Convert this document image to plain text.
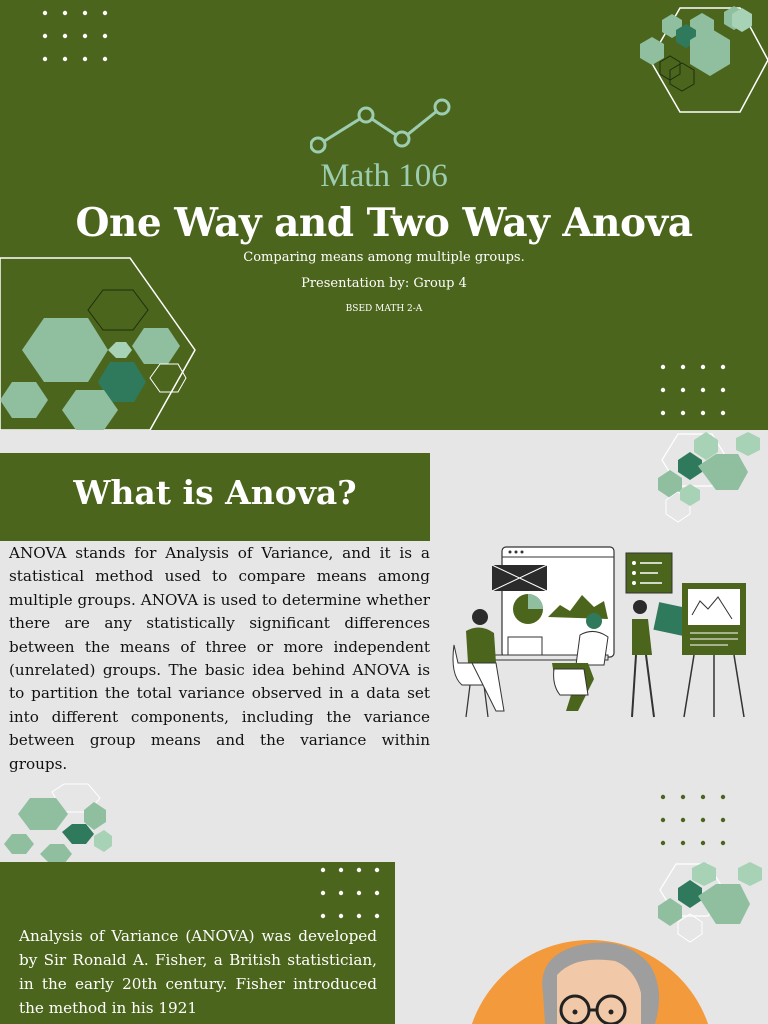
Math 106
One Way and Two Way Anova
Comparing means among multiple groups.
Presentation by: Group 4
BSED MATH 2-A
What is Anova?
ANOVA stands for Analysis of Variance, and it is a statistical method used to compare means among multiple groups. ANOVA is used to determine whether there are any statistically significant differences between the means of three or more independent (unrelated) groups. The basic idea behind ANOVA is to partition the total variance observed in a data set into different components, including the variance between group means and the variance within groups.
Analysis of Variance (ANOVA) was developed by Sir Ronald A. Fisher, a British statistician, in the early 20th century. Fisher introduced the method in his 1921
